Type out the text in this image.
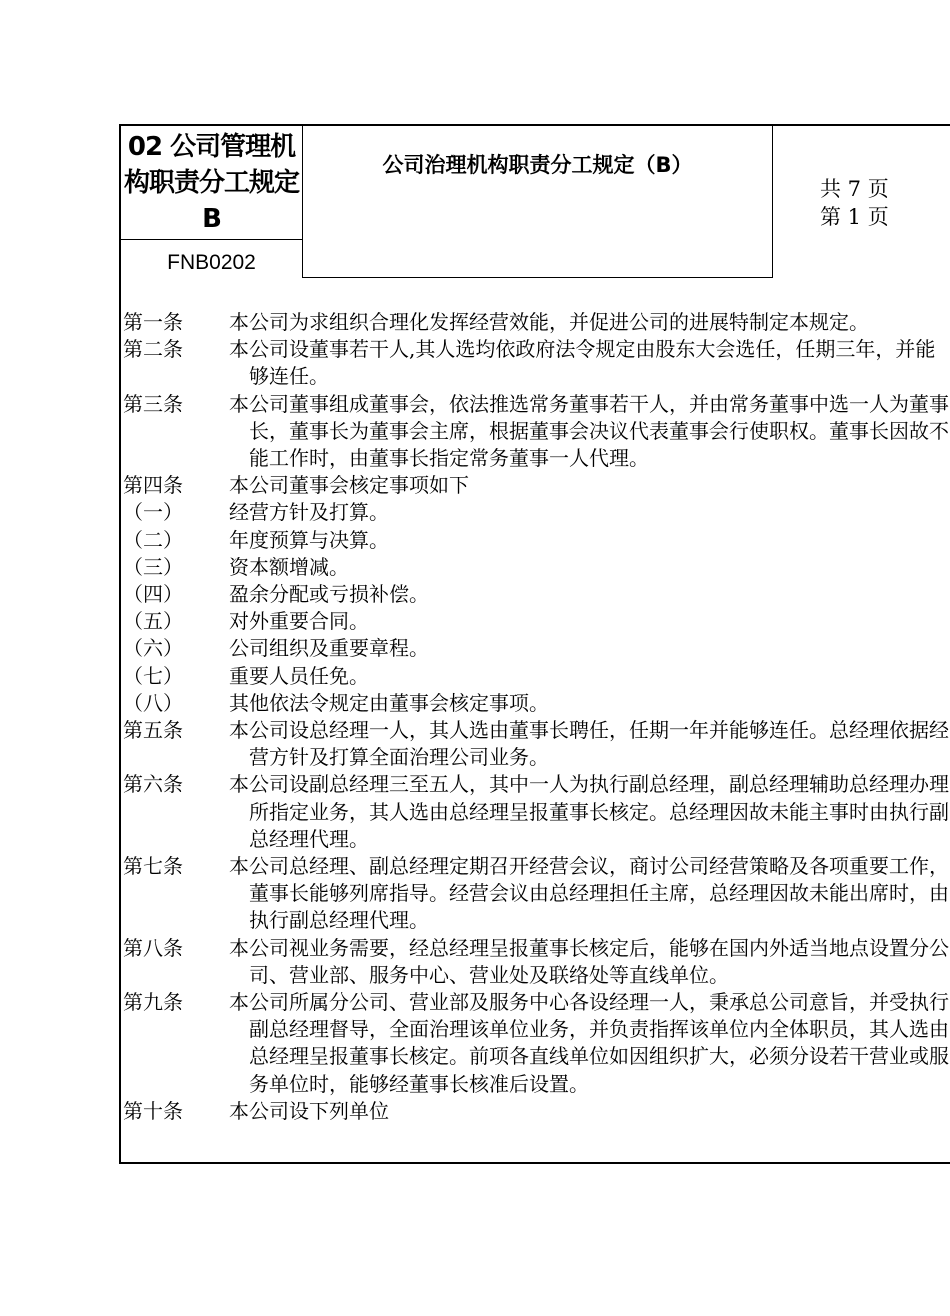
02 公司管理机构职责分工规定 B
FNB0202
公司治理机构职责分工规定（B）
共 7 页
第 1 页
第一条	本公司为求组织合理化发挥经营效能，并促进公司的进展特制定本规定。
第二条	本公司设董事若干人,其人选均依政府法令规定由股东大会选任，任期三年，并能够连任。
第三条	本公司董事组成董事会，依法推选常务董事若干人，并由常务董事中选一人为董事长，董事长为董事会主席，根据董事会决议代表董事会行使职权。董事长因故不能工作时，由董事长指定常务董事一人代理。
第四条	本公司董事会核定事项如下
（一）	经营方针及打算。
（二）	年度预算与决算。
（三）	资本额增减。
（四）	盈余分配或亏损补偿。
（五）	对外重要合同。
（六）	公司组织及重要章程。
（七）	重要人员任免。
（八）	其他依法令规定由董事会核定事项。
第五条	本公司设总经理一人，其人选由董事长聘任，任期一年并能够连任。总经理依据经营方针及打算全面治理公司业务。
第六条	本公司设副总经理三至五人，其中一人为执行副总经理，副总经理辅助总经理办理所指定业务，其人选由总经理呈报董事长核定。总经理因故未能主事时由执行副总经理代理。
第七条	本公司总经理、副总经理定期召开经营会议，商讨公司经营策略及各项重要工作，董事长能够列席指导。经营会议由总经理担任主席，总经理因故未能出席时，由执行副总经理代理。
第八条	本公司视业务需要，经总经理呈报董事长核定后，能够在国内外适当地点设置分公司、营业部、服务中心、营业处及联络处等直线单位。
第九条	本公司所属分公司、营业部及服务中心各设经理一人，秉承总公司意旨，并受执行副总经理督导，全面治理该单位业务，并负责指挥该单位内全体职员，其人选由总经理呈报董事长核定。前项各直线单位如因组织扩大，必须分设若干营业或服务单位时，能够经董事长核准后设置。
第十条	本公司设下列单位
